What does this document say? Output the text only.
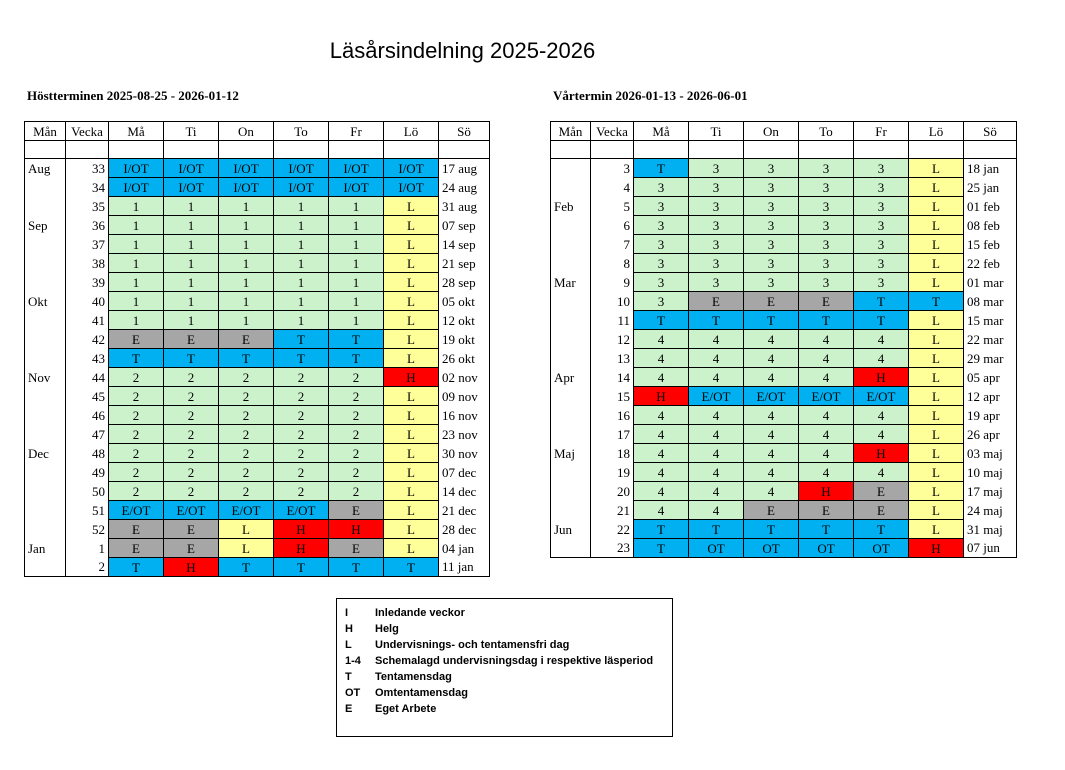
Läsårsindelning 2025-2026
Höstterminen 2025-08-25 - 2026-01-12	Vårtermin 2026-01-13 - 2026-06-01
Mån	Vecka	Må	Ti	On	To	Fr	Lö	Sö

Aug	33	I/OT	I/OT	I/OT	I/OT	I/OT	I/OT	17 aug
	34	I/OT	I/OT	I/OT	I/OT	I/OT	I/OT	24 aug
	35	1	1	1	1	1	L	31 aug
Sep	36	1	1	1	1	1	L	07 sep
	37	1	1	1	1	1	L	14 sep
	38	1	1	1	1	1	L	21 sep
	39	1	1	1	1	1	L	28 sep
Okt	40	1	1	1	1	1	L	05 okt
	41	1	1	1	1	1	L	12 okt
	42	E	E	E	T	T	L	19 okt
	43	T	T	T	T	T	L	26 okt
Nov	44	2	2	2	2	2	H	02 nov
	45	2	2	2	2	2	L	09 nov
	46	2	2	2	2	2	L	16 nov
	47	2	2	2	2	2	L	23 nov
Dec	48	2	2	2	2	2	L	30 nov
	49	2	2	2	2	2	L	07 dec
	50	2	2	2	2	2	L	14 dec
	51	E/OT	E/OT	E/OT	E/OT	E	L	21 dec
	52	E	E	L	H	H	L	28 dec
Jan	1	E	E	L	H	E	L	04 jan
	2	T	H	T	T	T	T	11 jan
Mån	Vecka	Må	Ti	On	To	Fr	Lö	Sö

	3	T	3	3	3	3	L	18 jan
	4	3	3	3	3	3	L	25 jan
Feb	5	3	3	3	3	3	L	01 feb
	6	3	3	3	3	3	L	08 feb
	7	3	3	3	3	3	L	15 feb
	8	3	3	3	3	3	L	22 feb
Mar	9	3	3	3	3	3	L	01 mar
	10	3	E	E	E	T	T	08 mar
	11	T	T	T	T	T	L	15 mar
	12	4	4	4	4	4	L	22 mar
	13	4	4	4	4	4	L	29 mar
Apr	14	4	4	4	4	H	L	05 apr
	15	H	E/OT	E/OT	E/OT	E/OT	L	12 apr
	16	4	4	4	4	4	L	19 apr
	17	4	4	4	4	4	L	26 apr
Maj	18	4	4	4	4	H	L	03 maj
	19	4	4	4	4	4	L	10 maj
	20	4	4	4	H	E	L	17 maj
	21	4	4	E	E	E	L	24 maj
Jun	22	T	T	T	T	T	L	31 maj
	23	T	OT	OT	OT	OT	H	07 jun
I Inledande veckor
H Helg
L Undervisnings- och tentamensfri dag
1-4 Schemalagd undervisningsdag i respektive läsperiod
T Tentamensdag
OT Omtentamensdag
E Eget Arbete
